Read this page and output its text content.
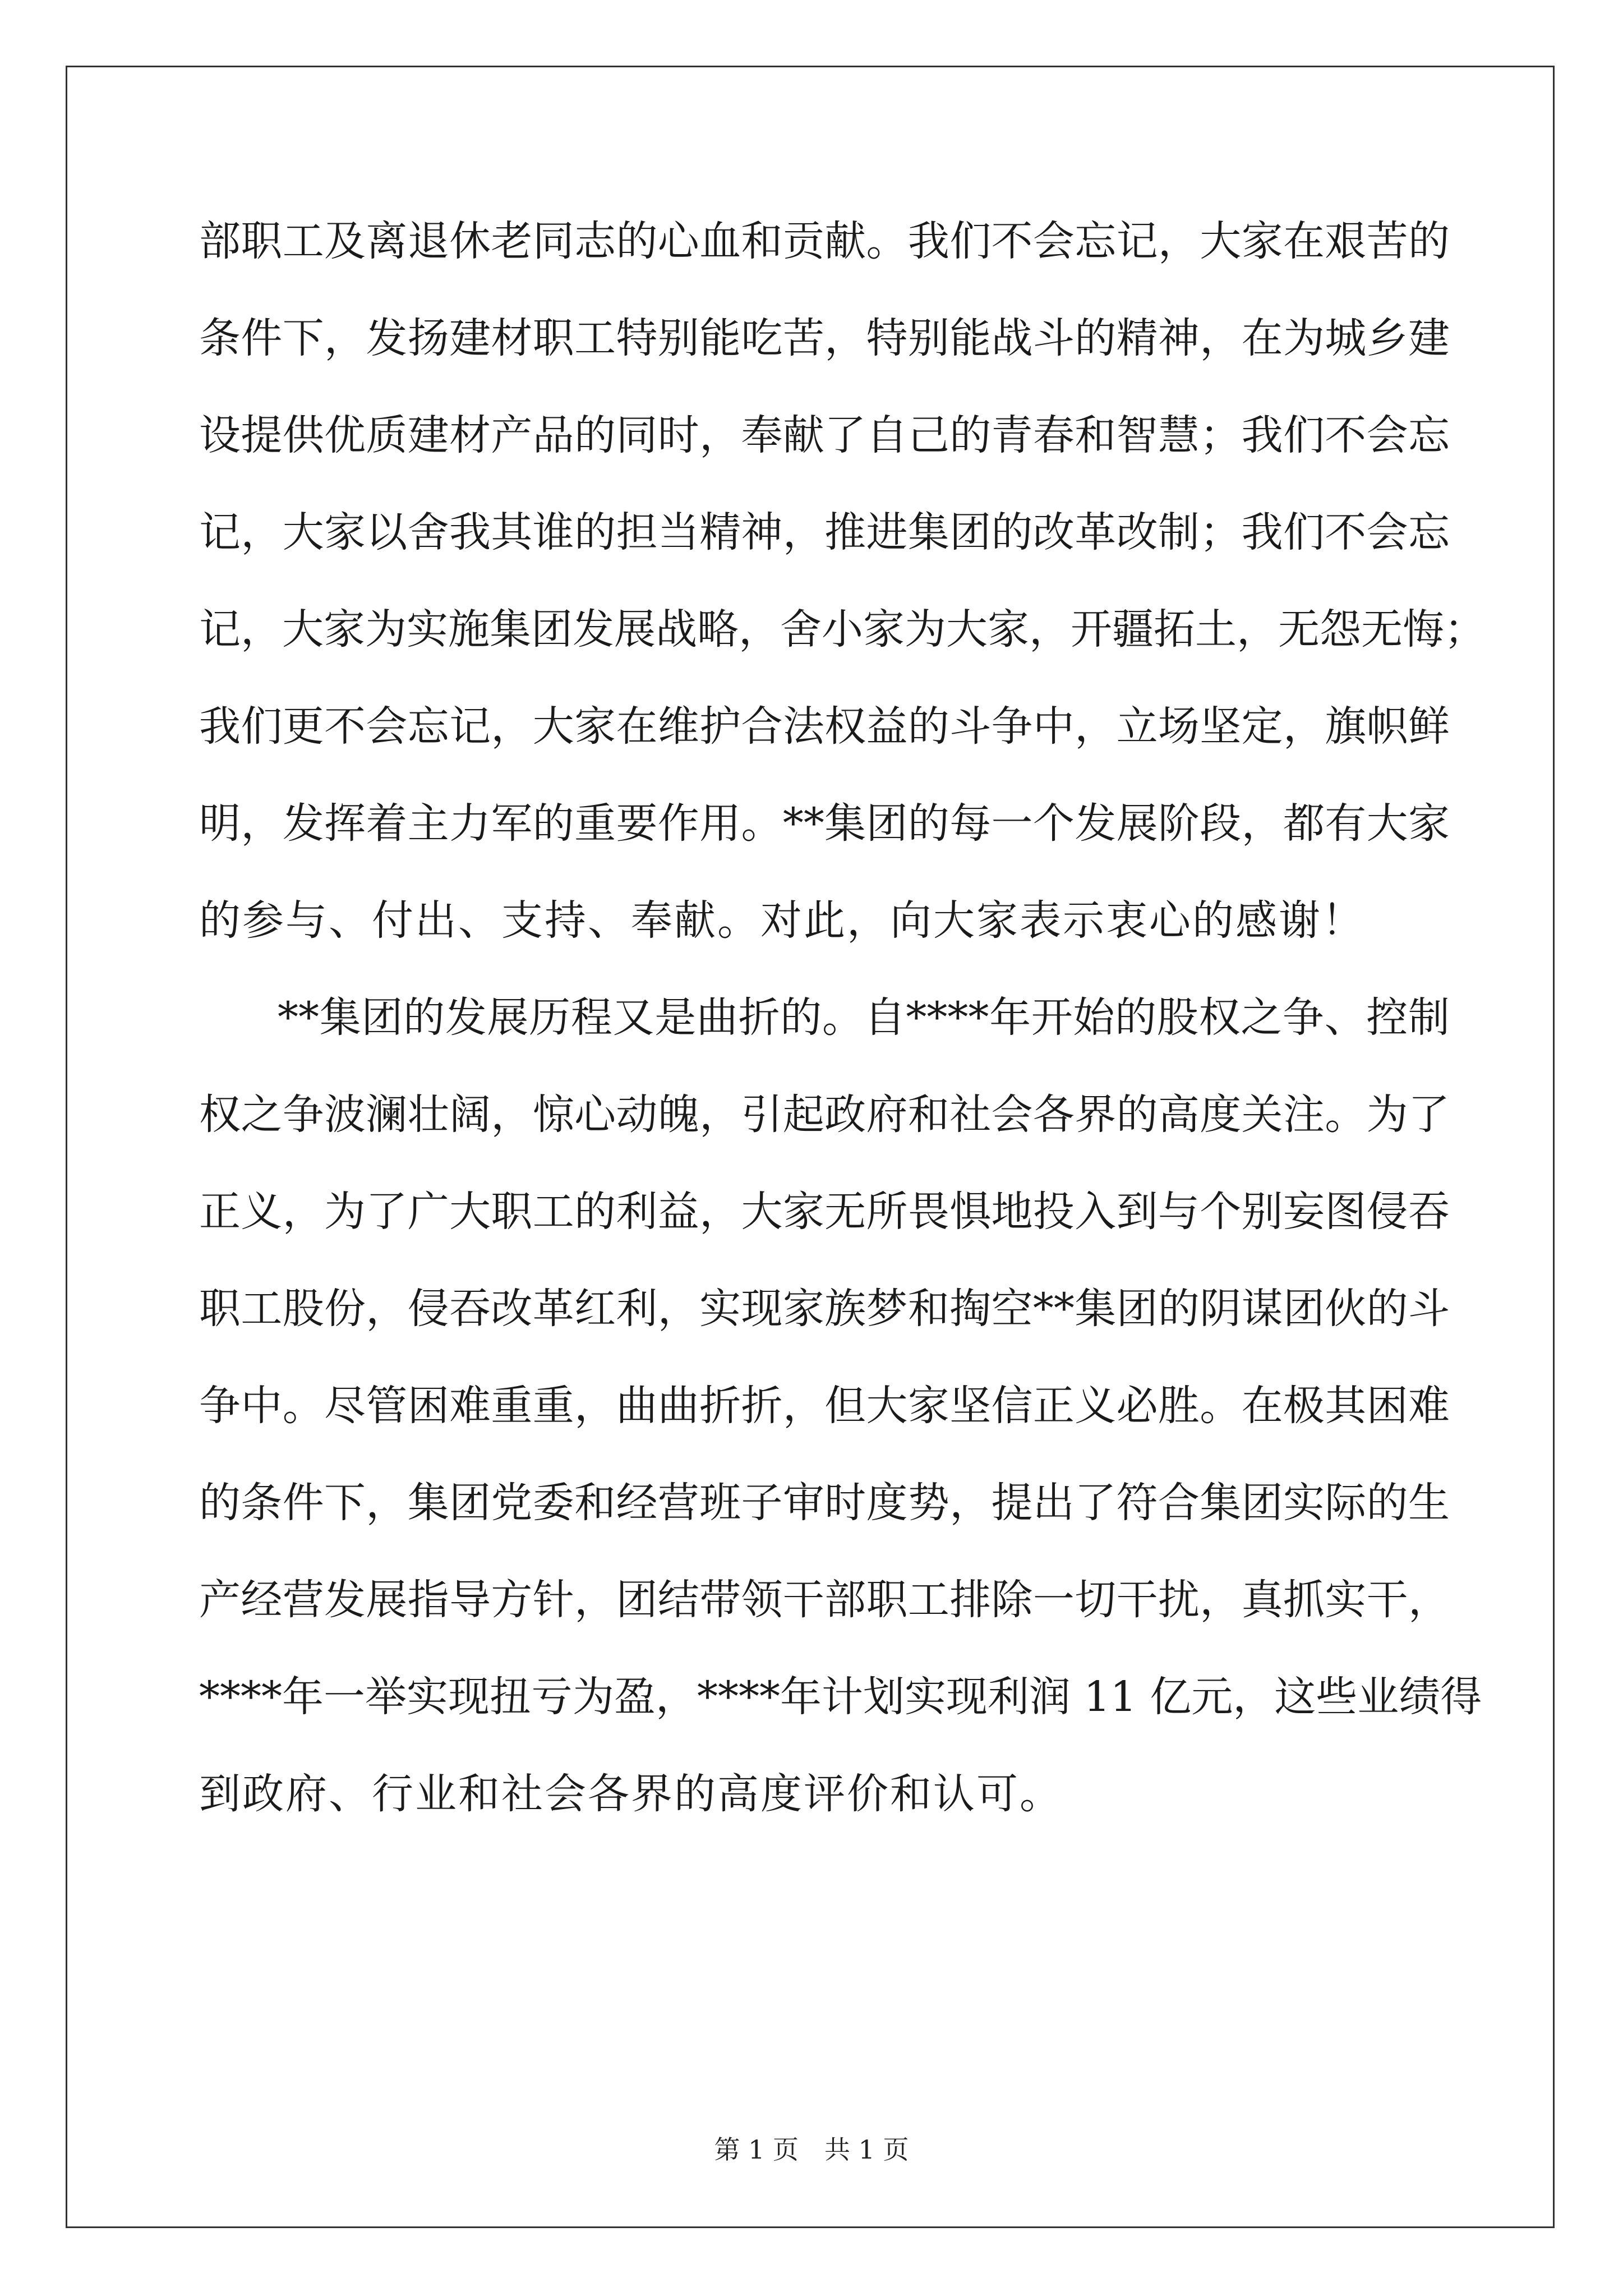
部职工及离退休老同志的心血和贡献。我们不会忘记，大家在艰苦的
条件下，发扬建材职工特别能吃苦，特别能战斗的精神，在为城乡建
设提供优质建材产品的同时，奉献了自己的青春和智慧；我们不会忘
记，大家以舍我其谁的担当精神，推进集团的改革改制；我们不会忘
记，大家为实施集团发展战略，舍小家为大家，开疆拓土，无怨无悔；
我们更不会忘记，大家在维护合法权益的斗争中，立场坚定，旗帜鲜
明，发挥着主力军的重要作用。**集团的每一个发展阶段，都有大家
的参与、付出、支持、奉献。对此，向大家表示衷心的感谢！
**集团的发展历程又是曲折的。自****年开始的股权之争、控制
权之争波澜壮阔，惊心动魄，引起政府和社会各界的高度关注。为了
正义，为了广大职工的利益，大家无所畏惧地投入到与个别妄图侵吞
职工股份，侵吞改革红利，实现家族梦和掏空**集团的阴谋团伙的斗
争中。尽管困难重重，曲曲折折，但大家坚信正义必胜。在极其困难
的条件下，集团党委和经营班子审时度势，提出了符合集团实际的生
产经营发展指导方针，团结带领干部职工排除一切干扰，真抓实干，
****年一举实现扭亏为盈，****年计划实现利润 11 亿元，这些业绩得
到政府、行业和社会各界的高度评价和认可。
第 1 页　共 1 页
